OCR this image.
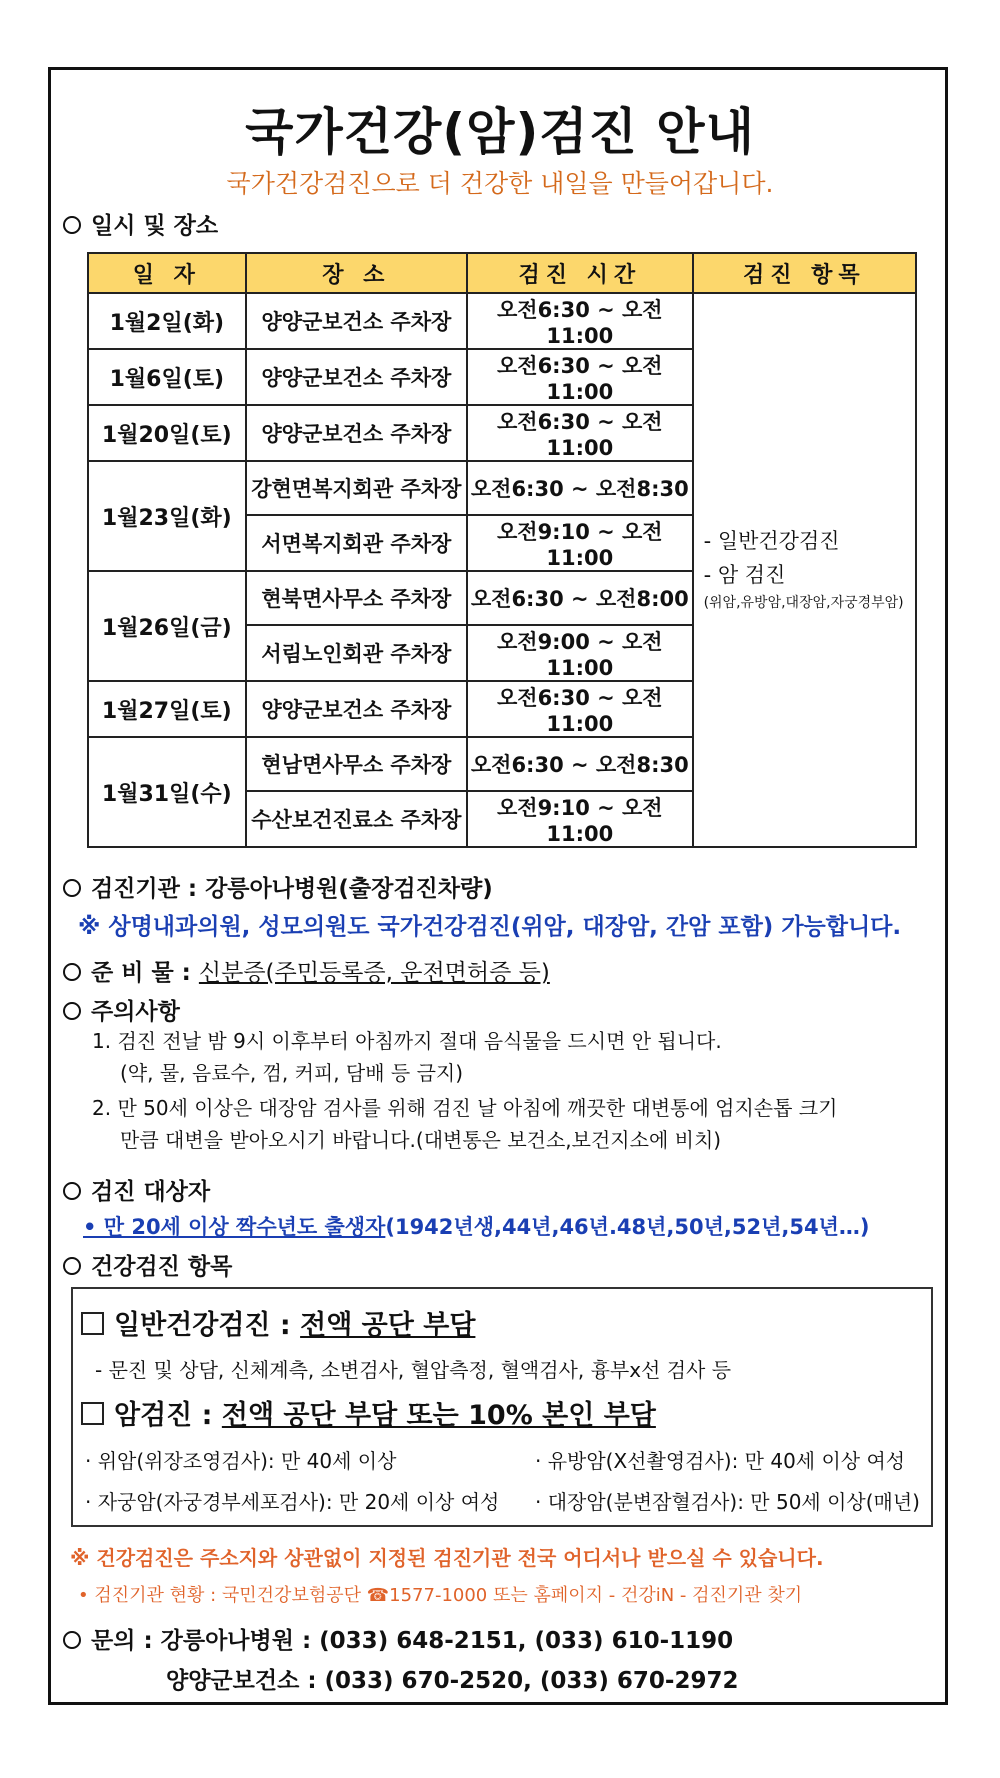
국가건강(암)검진 안내
국가건강검진으로 더 건강한 내일을 만들어갑니다.
일시 및 장소
일 자	장 소	검진 시간	검진 항목
1월2일(화)	양양군보건소 주차장	오전6:30 ~ 오전11:00	- 일반건강검진
- 암 검진
(위암,유방암,대장암,자궁경부암)

1월6일(토)	양양군보건소 주차장	오전6:30 ~ 오전11:00	
1월20일(토)	양양군보건소 주차장	오전6:30 ~ 오전11:00	
1월23일(화)	강현면복지회관 주차장	오전6:30 ~ 오전8:30	
	서면복지회관 주차장	오전9:10 ~ 오전11:00	
1월26일(금)	현북면사무소 주차장	오전6:30 ~ 오전8:00	
	서림노인회관 주차장	오전9:00 ~ 오전11:00	
1월27일(토)	양양군보건소 주차장	오전6:30 ~ 오전11:00	
1월31일(수)	현남면사무소 주차장	오전6:30 ~ 오전8:30	
	수산보건진료소 주차장	오전9:10 ~ 오전11:00	
검진기관 : 강릉아나병원(출장검진차량)
※ 상명내과의원, 성모의원도 국가건강검진(위암, 대장암, 간암 포함) 가능합니다.
준 비 물 : 신분증(주민등록증, 운전면허증 등)
주의사항
1. 검진 전날 밤 9시 이후부터 아침까지 절대 음식물을 드시면 안 됩니다.
(약, 물, 음료수, 껌, 커피, 담배 등 금지)
2. 만 50세 이상은 대장암 검사를 위해 검진 날 아침에 깨끗한 대변통에 엄지손톱 크기
만큼 대변을 받아오시기 바랍니다.(대변통은 보건소,보건지소에 비치)
검진 대상자
• 만 20세 이상 짝수년도 출생자(1942년생,44년,46년.48년,50년,52년,54년…)
건강검진 항목
일반건강검진 : 전액 공단 부담
- 문진 및 상담, 신체계측, 소변검사, 혈압측정, 혈액검사, 흉부x선 검사 등
암검진 : 전액 공단 부담 또는 10% 본인 부담
· 위암(위장조영검사): 만 40세 이상	· 유방암(X선촬영검사): 만 40세 이상 여성
· 자궁암(자궁경부세포검사): 만 20세 이상 여성 · 대장암(분변잠혈검사): 만 50세 이상(매년)
※ 건강검진은 주소지와 상관없이 지정된 검진기관 전국 어디서나 받으실 수 있습니다.
• 검진기관 현황 : 국민건강보험공단 ☎1577-1000 또는 홈페이지 - 건강iN - 검진기관 찾기
문의 : 강릉아나병원 : (033) 648-2151, (033) 610-1190
양양군보건소 : (033) 670-2520, (033) 670-2972
